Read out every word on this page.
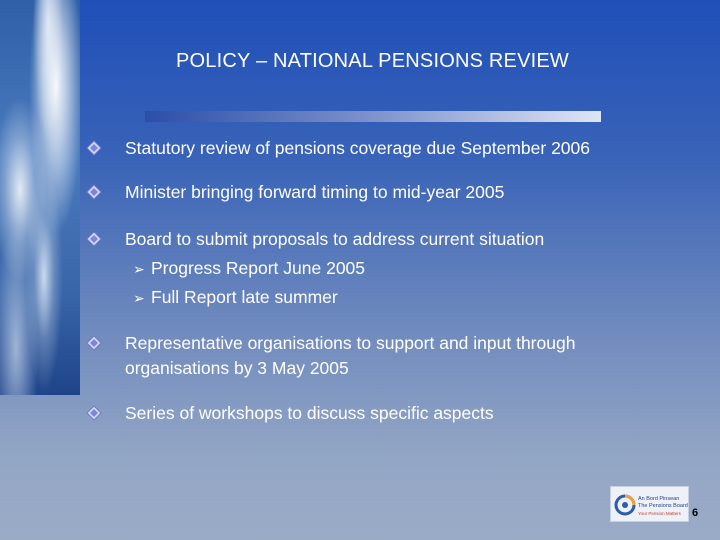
POLICY – NATIONAL PENSIONS REVIEW
Statutory review of pensions coverage due September 2006
Minister bringing forward timing to mid-year 2005
Board to submit proposals to address current situation
➢ Progress Report June 2005
➢ Full Report late summer
Representative organisations to support and input through
organisations by 3 May 2005
Series of workshops to discuss specific aspects
An Bord Pinsean
The Pensions Board
Your Pension Matters 6
